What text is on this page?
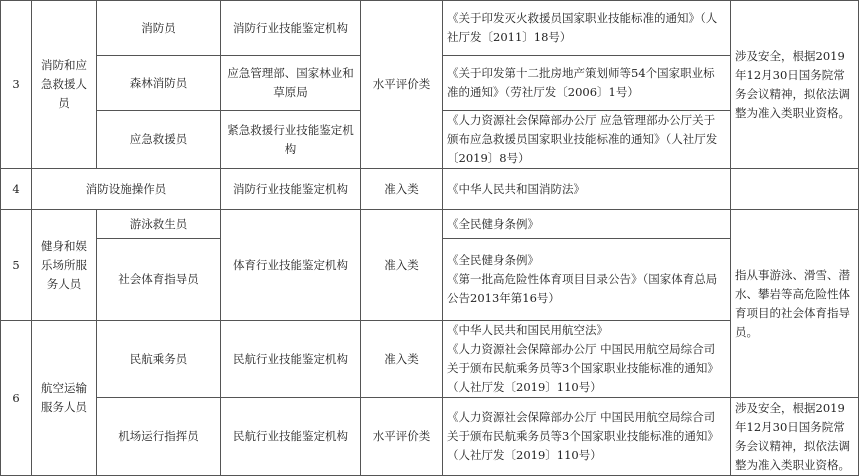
3	消防和应急救援人员	消防员	消防行业技能鉴定机构	水平评价类	《关于印发灭火救援员国家职业技能标准的通知》（人社厅发〔2011〕18号）	涉及安全，根据2019年12月30日国务院常务会议精神，拟依法调整为准入类职业资格。
		森林消防员	应急管理部、国家林业和草原局		《关于印发第十二批房地产策划师等54个国家职业标准的通知》（劳社厅发〔2006〕1号）	
		应急救援员	紧急救援行业技能鉴定机构		《人力资源社会保障部办公厅 应急管理部办公厅关于颁布应急救援员国家职业技能标准的通知》（人社厅发〔2019〕8号）	
4	消防设施操作员		消防行业技能鉴定机构	准入类	《中华人民共和国消防法》	
5	健身和娱乐场所服务人员	游泳救生员	体育行业技能鉴定机构	准入类	《全民健身条例》	指从事游泳、滑雪、潜水、攀岩等高危险性体育项目的社会体育指导员。
		社会体育指导员			《全民健身条例》
《第一批高危险性体育项目目录公告》（国家体育总局公告2013年第16号）	

6	航空运输服务人员	民航乘务员	民航行业技能鉴定机构	准入类	《中华人民共和国民用航空法》
《人力资源社会保障部办公厅 中国民用航空局综合司关于颁布民航乘务员等3个国家职业技能标准的通知》（人社厅发〔2019〕110号）	

		机场运行指挥员	民航行业技能鉴定机构	水平评价类	《人力资源社会保障部办公厅 中国民用航空局综合司关于颁布民航乘务员等3个国家职业技能标准的通知》（人社厅发〔2019〕110号）	涉及安全，根据2019年12月30日国务院常务会议精神，拟依法调整为准入类职业资格。
